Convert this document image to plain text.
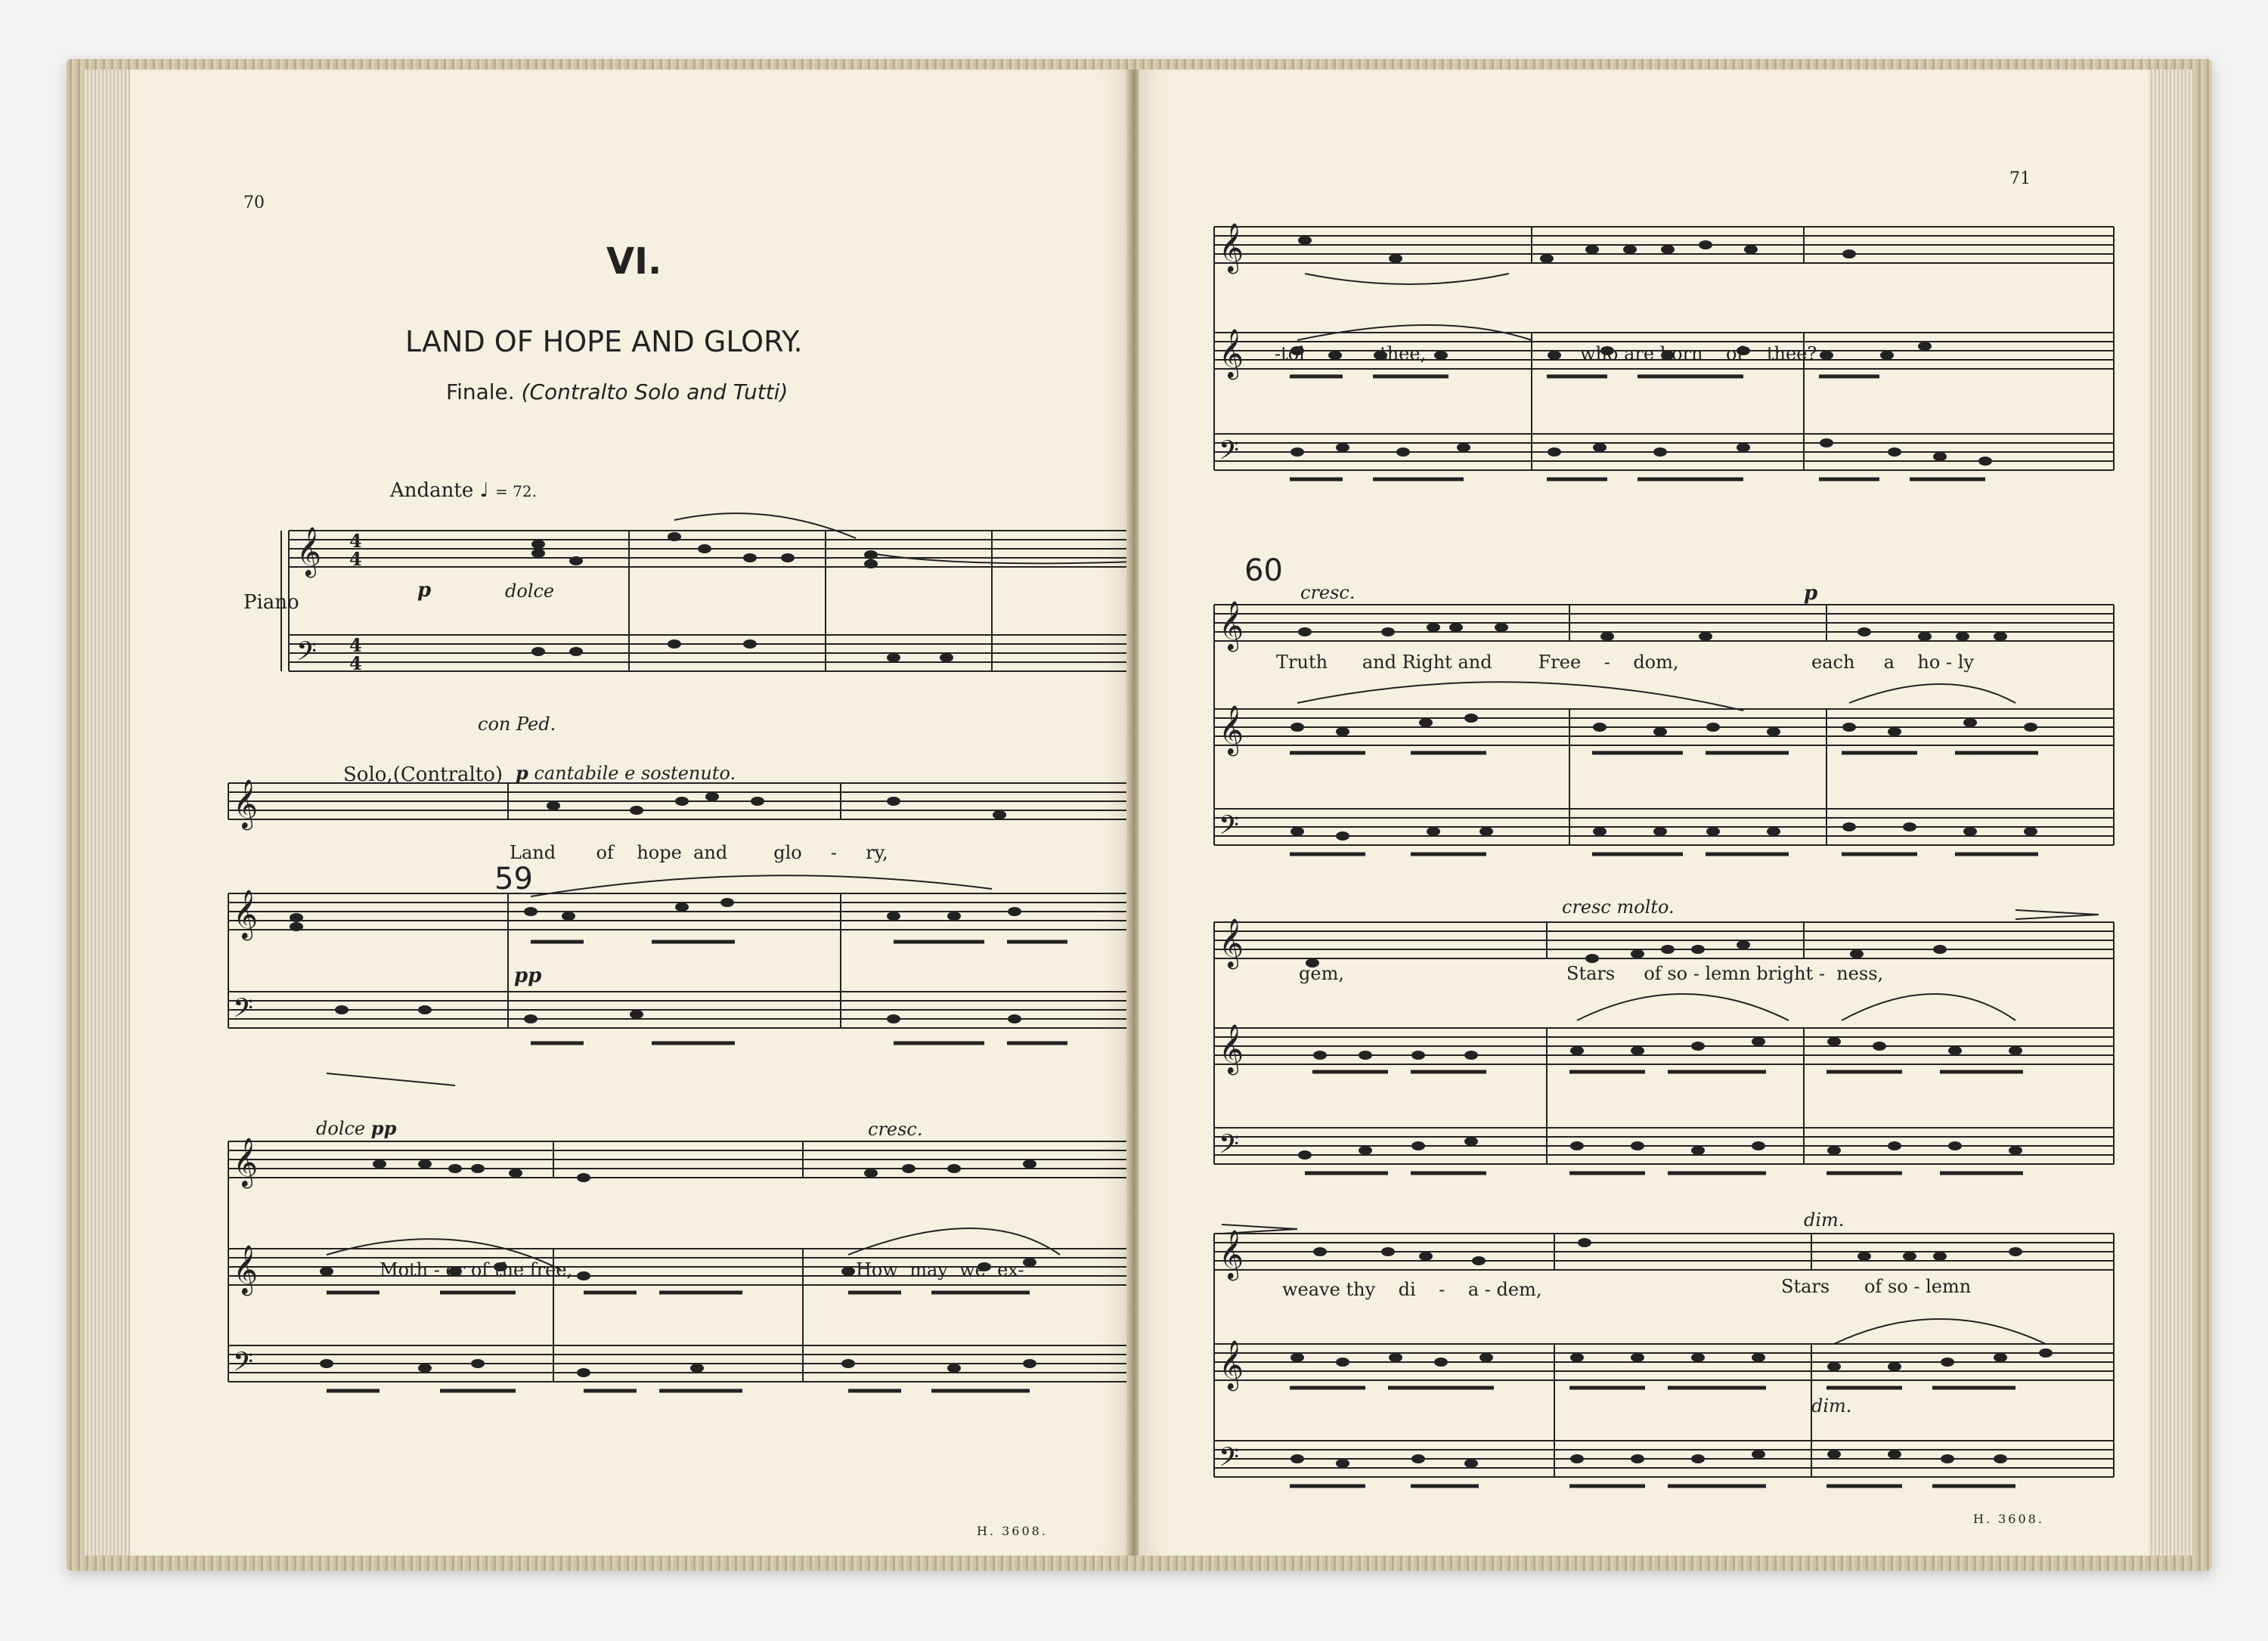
70
VI.
LAND OF HOPE AND GLORY.
Finale. (Contralto Solo and Tutti)
Andante ♩ = 72.
Piano
𝄞
𝄢
4
4
4
4
p	dolce
con Ped.
Solo,(Contralto) p cantabile e sostenuto.
𝄞
𝄞
𝄢
Land of hope and	glo - ry,
59
pp
dolce pp	cresc.
𝄞
𝄞
𝄢
Moth - er of the free,	How may we ex-
H. 3608.
71
𝄞
𝄞
𝄢
-tol	thee,	who are born of thee?
60
cresc.	p
𝄞
𝄞
𝄢
Truth and Right and	Free - dom,	each a ho - ly
cresc molto.
𝄞
𝄞
𝄢
gem,	Stars of so - lemn bright - ness,
dim.
𝄞
𝄞
𝄢
dim.
weave thy di - a - dem,	Stars of so - lemn
H. 3608.
